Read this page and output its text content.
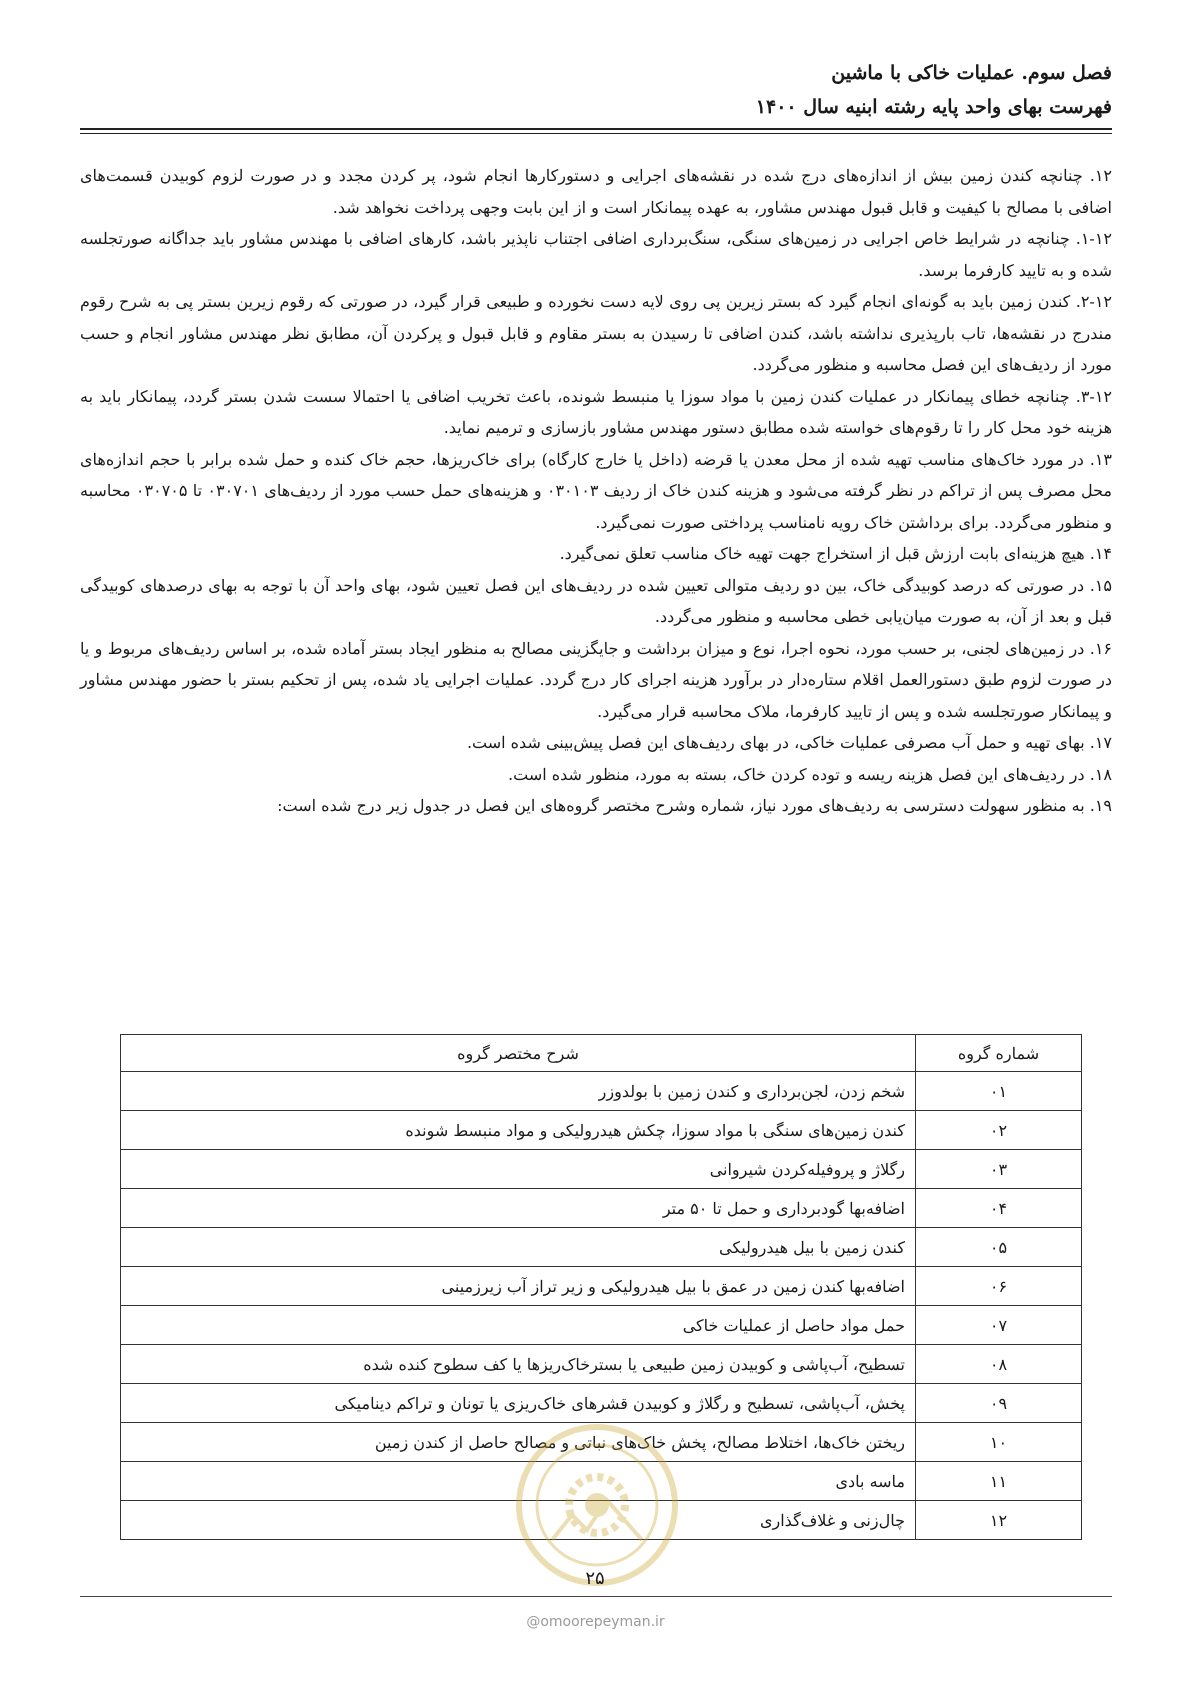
فصل سوم. عملیات خاکی با ماشین
فهرست بهای واحد پایه رشته ابنیه سال ۱۴۰۰

۱۲. چنانچه کندن زمین بیش از اندازه‌های درج شده در نقشه‌های اجرایی و دستورکارها انجام شود، پر کردن مجدد و در صورت لزوم کوبیدن قسمت‌های اضافی با مصالح با کیفیت و قابل قبول مهندس مشاور، به عهده پیمانکار است و از این بابت وجهی پرداخت نخواهد شد.

۱-۱۲. چنانچه در شرایط خاص اجرایی در زمین‌های سنگی، سنگ‌برداری اضافی اجتناب ناپذیر باشد، کارهای اضافی با مهندس مشاور باید جداگانه صورتجلسه شده و به تایید کارفرما برسد.

۲-۱۲. کندن زمین باید به گونه‌ای انجام گیرد که بستر زیرین پی روی لایه دست نخورده و طبیعی قرار گیرد، در صورتی که رقوم زیرین بستر پی به شرح رقوم مندرج در نقشه‌ها، تاب بارپذیری نداشته باشد، کندن اضافی تا رسیدن به بستر مقاوم و قابل قبول و پرکردن آن، مطابق نظر مهندس مشاور انجام و حسب مورد از ردیف‌های این فصل محاسبه و منظور می‌گردد.

۳-۱۲. چنانچه خطای پیمانکار در عملیات کندن زمین با مواد سوزا یا منبسط شونده، باعث تخریب اضافی یا احتمالا سست شدن بستر گردد، پیمانکار باید به هزینه خود محل کار را تا رقوم‌های خواسته شده مطابق دستور مهندس مشاور بازسازی و ترمیم نماید.

۱۳. در مورد خاک‌های مناسب تهیه شده از محل معدن یا قرضه (داخل یا خارج کارگاه) برای خاک‌ریزها، حجم خاک کنده و حمل شده برابر با حجم اندازه‌های محل مصرف پس از تراکم در نظر گرفته می‌شود و هزینه کندن خاک از ردیف ۰۳۰۱۰۳ و هزینه‌های حمل حسب مورد از ردیف‌های ۰۳۰۷۰۱ تا ۰۳۰۷۰۵ محاسبه و منظور می‌گردد. برای برداشتن خاک رویه نامناسب پرداختی صورت نمی‌گیرد.

۱۴. هیچ هزینه‌ای بابت ارزش قبل از استخراج جهت تهیه خاک مناسب تعلق نمی‌گیرد.

۱۵. در صورتی که درصد کوبیدگی خاک، بین دو ردیف متوالی تعیین شده در ردیف‌های این فصل تعیین شود، بهای واحد آن با توجه به بهای درصدهای کوبیدگی قبل و بعد از آن، به صورت میان‌یابی خطی محاسبه و منظور می‌گردد.

۱۶. در زمین‌های لجنی، بر حسب مورد، نحوه اجرا، نوع و میزان برداشت و جایگزینی مصالح به منظور ایجاد بستر آماده شده، بر اساس ردیف‌های مربوط و یا در صورت لزوم طبق دستورالعمل اقلام ستاره‌دار در برآورد هزینه اجرای کار درج گردد. عملیات اجرایی یاد شده، پس از تحکیم بستر با حضور مهندس مشاور و پیمانکار صورتجلسه شده و پس از تایید کارفرما، ملاک محاسبه قرار می‌گیرد.

۱۷. بهای تهیه و حمل آب مصرفی عملیات خاکی، در بهای ردیف‌های این فصل پیش‌بینی شده است.

۱۸. در ردیف‌های این فصل هزینه ریسه و توده کردن خاک، بسته به مورد، منظور شده است.

۱۹. به منظور سهولت دسترسی به ردیف‌های مورد نیاز، شماره وشرح مختصر گروه‌های این فصل در جدول زیر درج شده است:

شماره گروه	شرح مختصر گروه
۰۱	شخم زدن، لجن‌برداری و کندن زمین با بولدوزر
۰۲	کندن زمین‌های سنگی با مواد سوزا، چکش هیدرولیکی و مواد منبسط شونده
۰۳	رگلاژ و پروفیله‌کردن شیروانی
۰۴	اضافه‌بها گودبرداری و حمل تا ۵۰ متر
۰۵	کندن زمین با بیل هیدرولیکی
۰۶	اضافه‌بها کندن زمین در عمق با بیل هیدرولیکی و زیر تراز آب زیرزمینی
۰۷	حمل مواد حاصل از عملیات خاکی
۰۸	تسطیح، آب‌پاشی و کوبیدن زمین طبیعی یا بسترخاک‌ریزها یا کف سطوح کنده شده
۰۹	پخش، آب‌پاشی، تسطیح و رگلاژ و کوبیدن قشرهای خاک‌ریزی یا تونان و تراکم دینامیکی
۱۰	ریختن خاک‌ها، اختلاط مصالح، پخش خاک‌های نباتی و مصالح حاصل از کندن زمین
۱۱	ماسه بادی
۱۲	چال‌زنی و غلاف‌گذاری
۲۵
@omoorepeyman.ir
